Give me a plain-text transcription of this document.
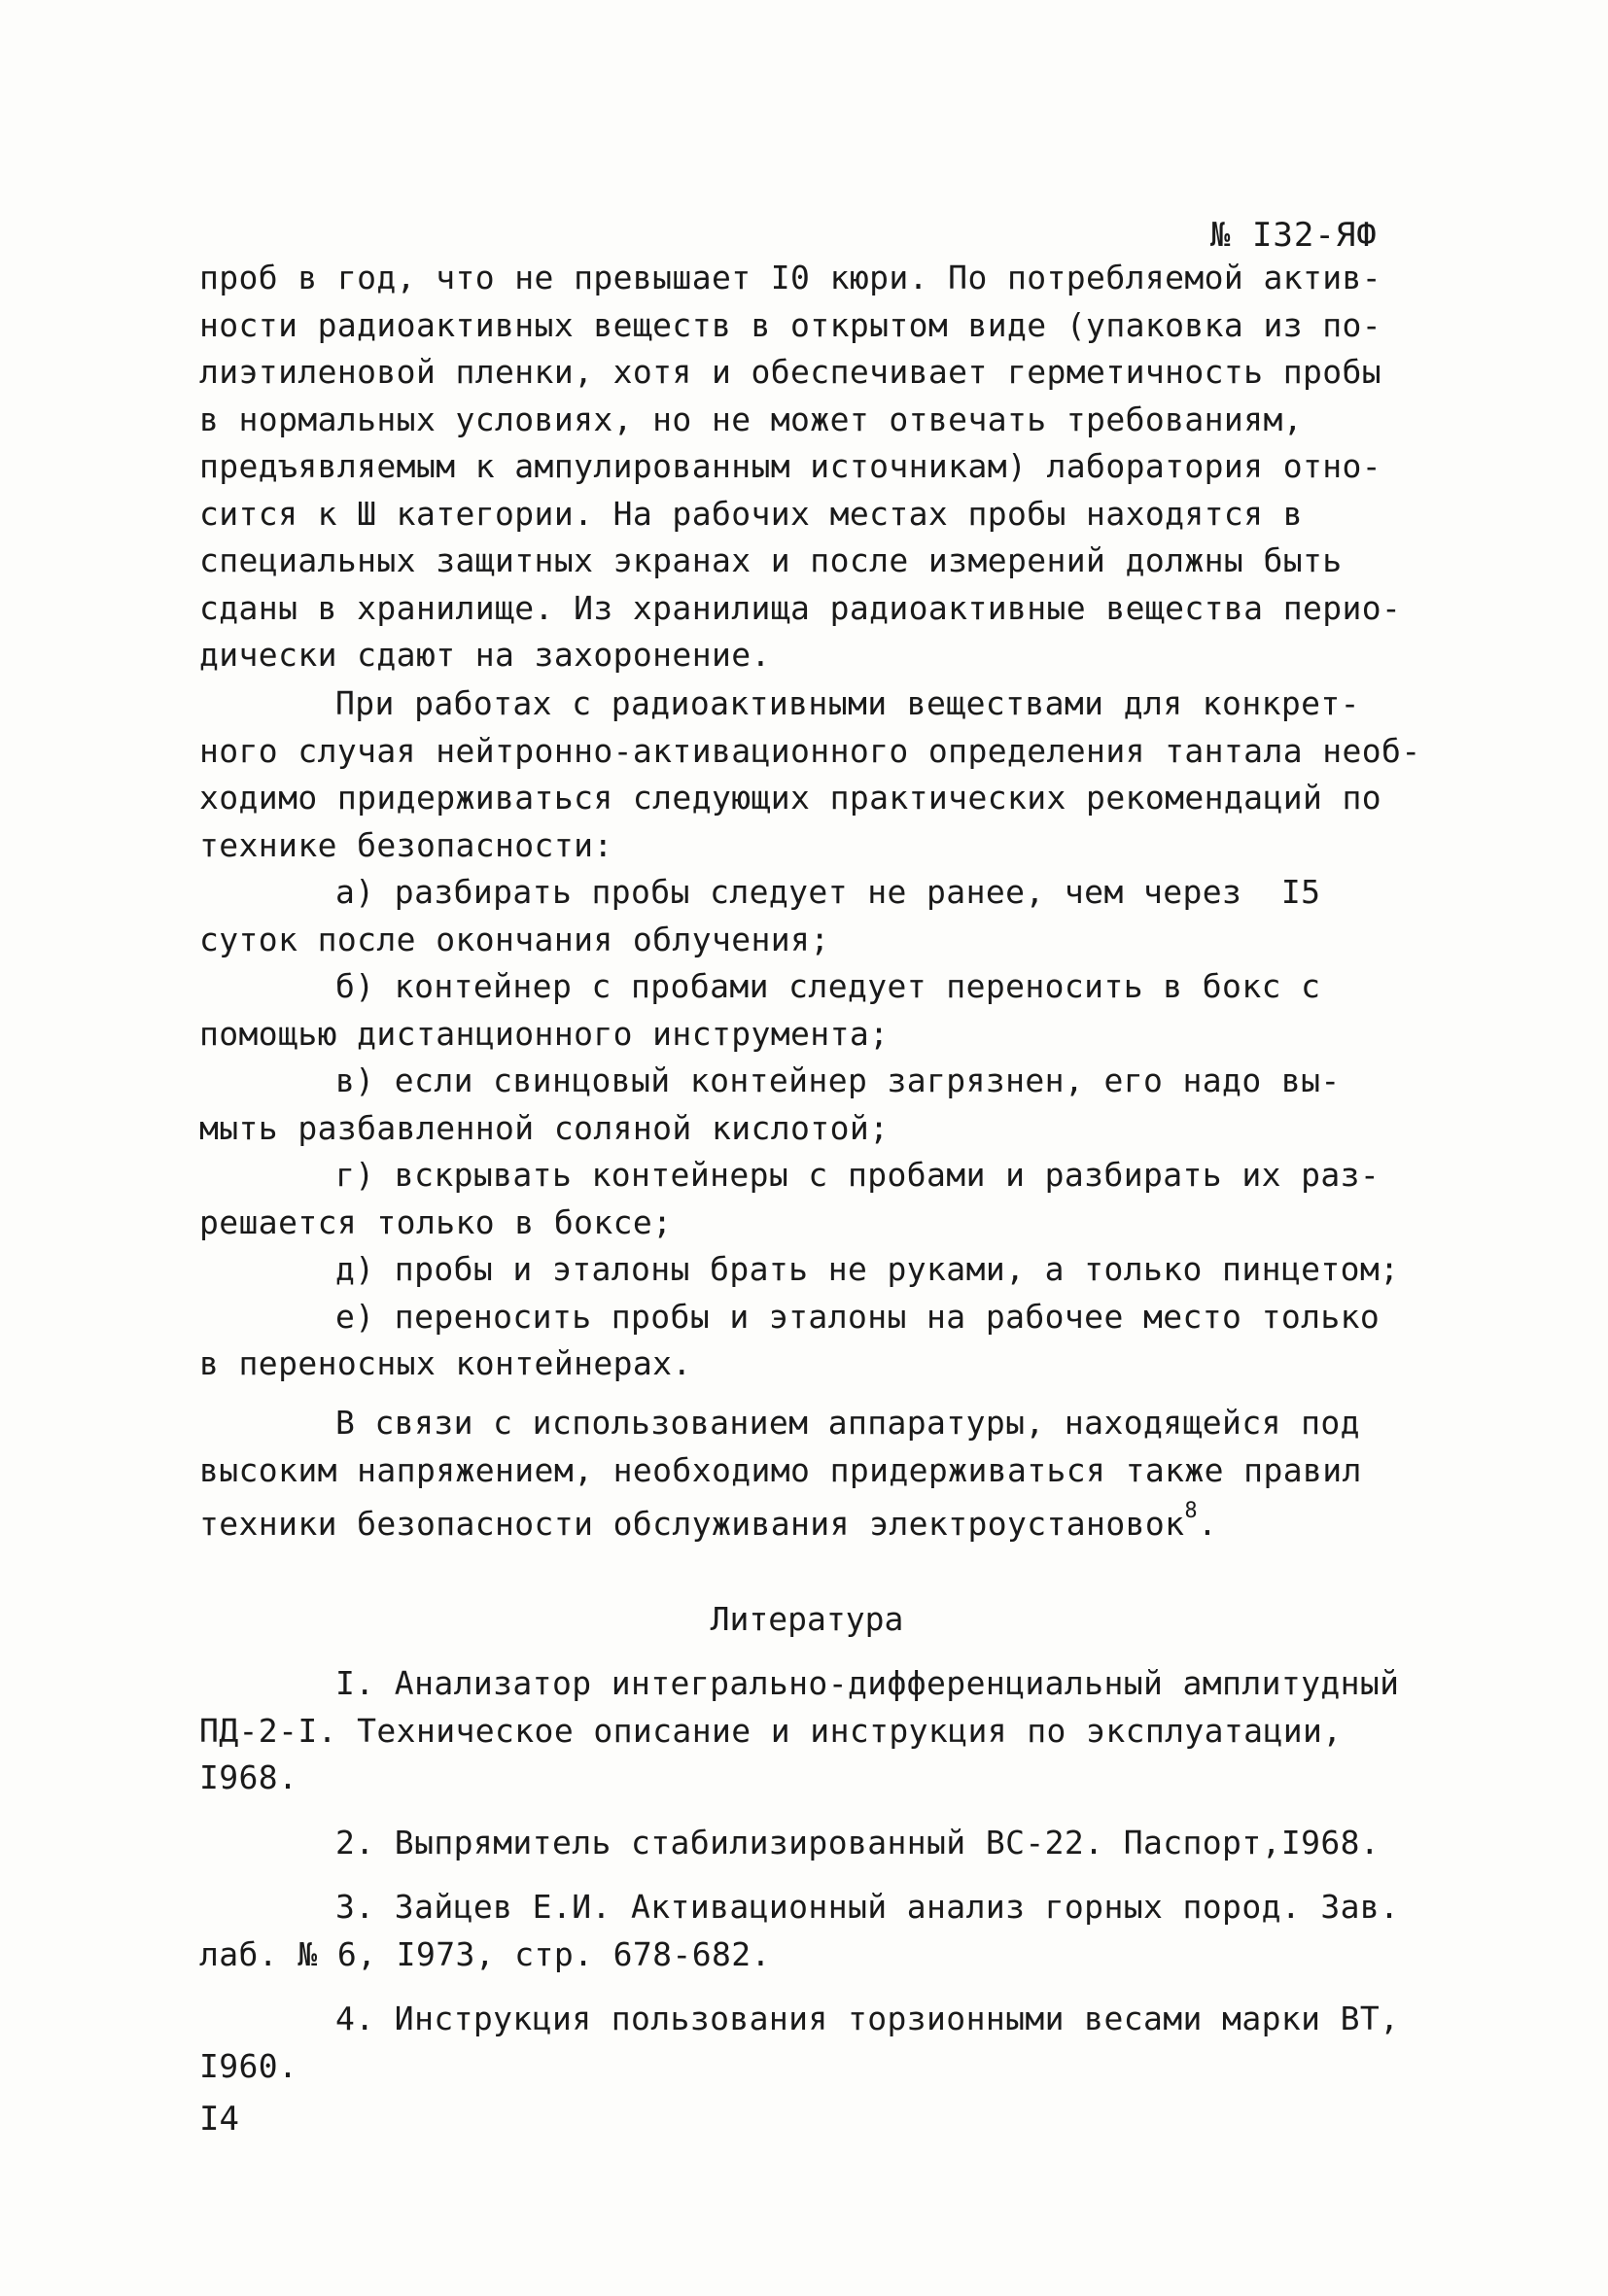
№ I32-ЯФ
проб в год, что не превышает I0 кюри. По потребляемой актив-
ности радиоактивных веществ в открытом виде (упаковка из по-
лиэтиленовой пленки, хотя и обеспечивает герметичность пробы
в нормальных условиях, но не может отвечать требованиям,
предъявляемым к ампулированным источникам) лаборатория отно-
сится к Ш категории. На рабочих местах пробы находятся в
специальных защитных экранах и после измерений должны быть
сданы в хранилище. Из хранилища радиоактивные вещества перио-
дически сдают на захоронение.
При работах с радиоактивными веществами для конкрет-
ного случая нейтронно-активационного определения тантала необ-
ходимо придерживаться следующих практических рекомендаций по
технике безопасности:
а) разбирать пробы следует не ранее, чем через  I5
суток после окончания облучения;
б) контейнер с пробами следует переносить в бокс с
помощью дистанционного инструмента;
в) если свинцовый контейнер загрязнен, его надо вы-
мыть разбавленной соляной кислотой;
г) вскрывать контейнеры с пробами и разбирать их раз-
решается только в боксе;
д) пробы и эталоны брать не руками, а только пинцетом;
е) переносить пробы и эталоны на рабочее место только
в переносных контейнерах.
В связи с использованием аппаратуры, находящейся под
высоким напряжением, необходимо придерживаться также правил
техники безопасности обслуживания электроустановок$^8$.
Литература
I. Анализатор интегрально-дифференциальный амплитудный
ПД-2-I. Техническое описание и инструкция по эксплуатации,
I968.
2. Выпрямитель стабилизированный ВС-22. Паспорт,I968.
3. Зайцев Е.И. Активационный анализ горных пород. Зав.
лаб. № 6, I973, стр. 678-682.
4. Инструкция пользования торзионными весами марки ВТ,
I960.
I4
